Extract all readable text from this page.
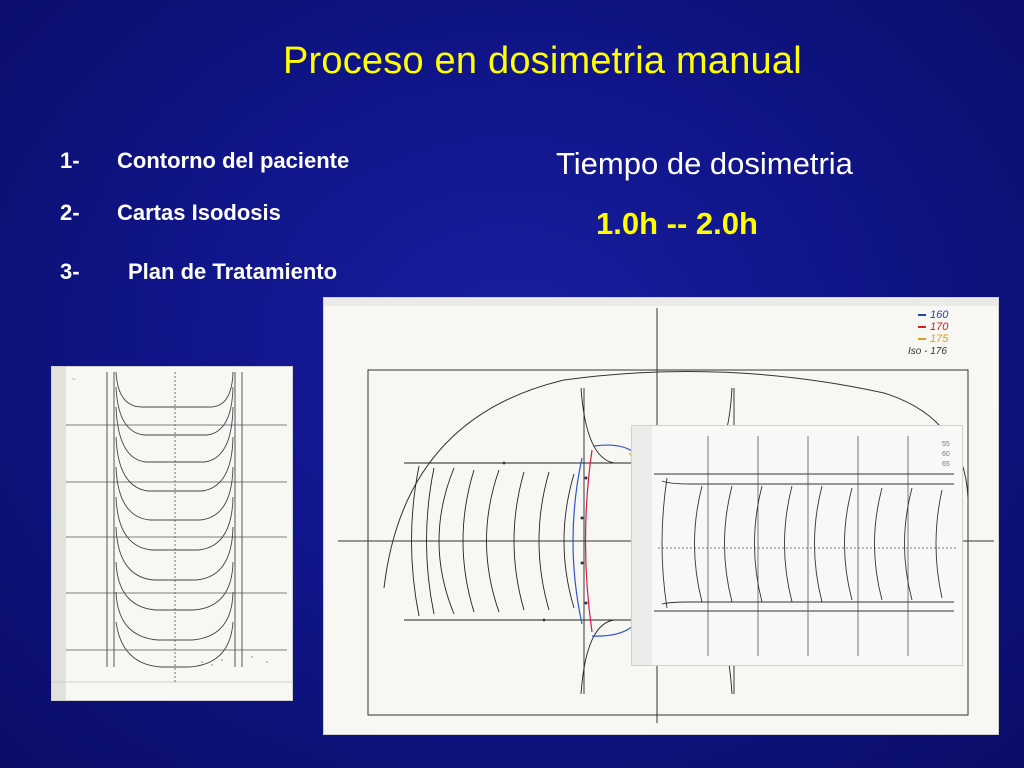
Proceso en dosimetria manual
1- Contorno del paciente
2- Cartas Isodosis
3- Plan de Tratamiento
Tiempo de dosimetria
1.0h -- 2.0h
~
160
170
175
Iso - 176
55
60
65
